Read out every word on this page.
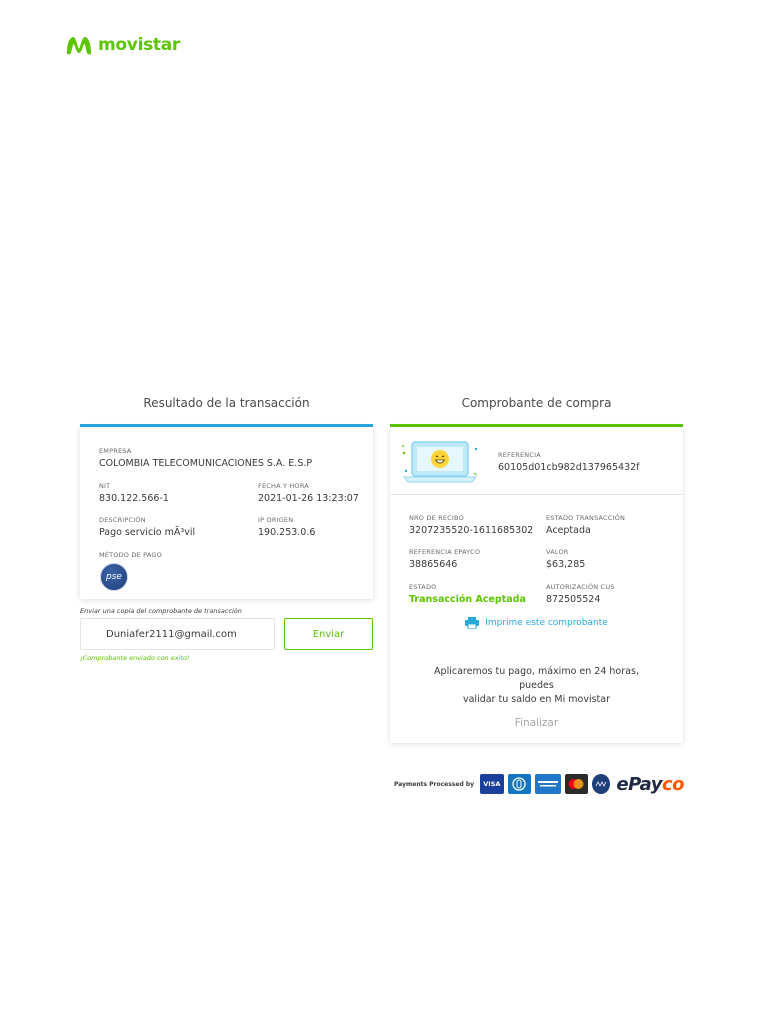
movistar
Resultado de la transacción
EMPRESA
COLOMBIA TELECOMUNICACIONES S.A. E.S.P
NIT
830.122.566-1
FECHA Y HORA
2021-01-26 13:23:07
DESCRIPCIÓN
Pago servicio mÃ³vil
IP ORIGEN
190.253.0.6
MÉTODO DE PAGO
pse
Enviar una copia del comprobante de transacción
Duniafer2111@gmail.com	Enviar
¡Comprobante enviado con exito!
Comprobante de compra
REFERENCIA
60105d01cb982d137965432f
NRO DE RECIBO
3207235520-1611685302
ESTADO TRANSACCIÓN
Aceptada
REFERENCIA EPAYCO
38865646
VALOR
$63,285
ESTADO
Transacción Aceptada
AUTORIZACIÓN CUS
872505524
Imprime este comprobante
Aplicaremos tu pago, máximo en 24 horas, puedes
validar tu saldo en Mi movistar
Finalizar
Payments Processed by VISA	ePayco
